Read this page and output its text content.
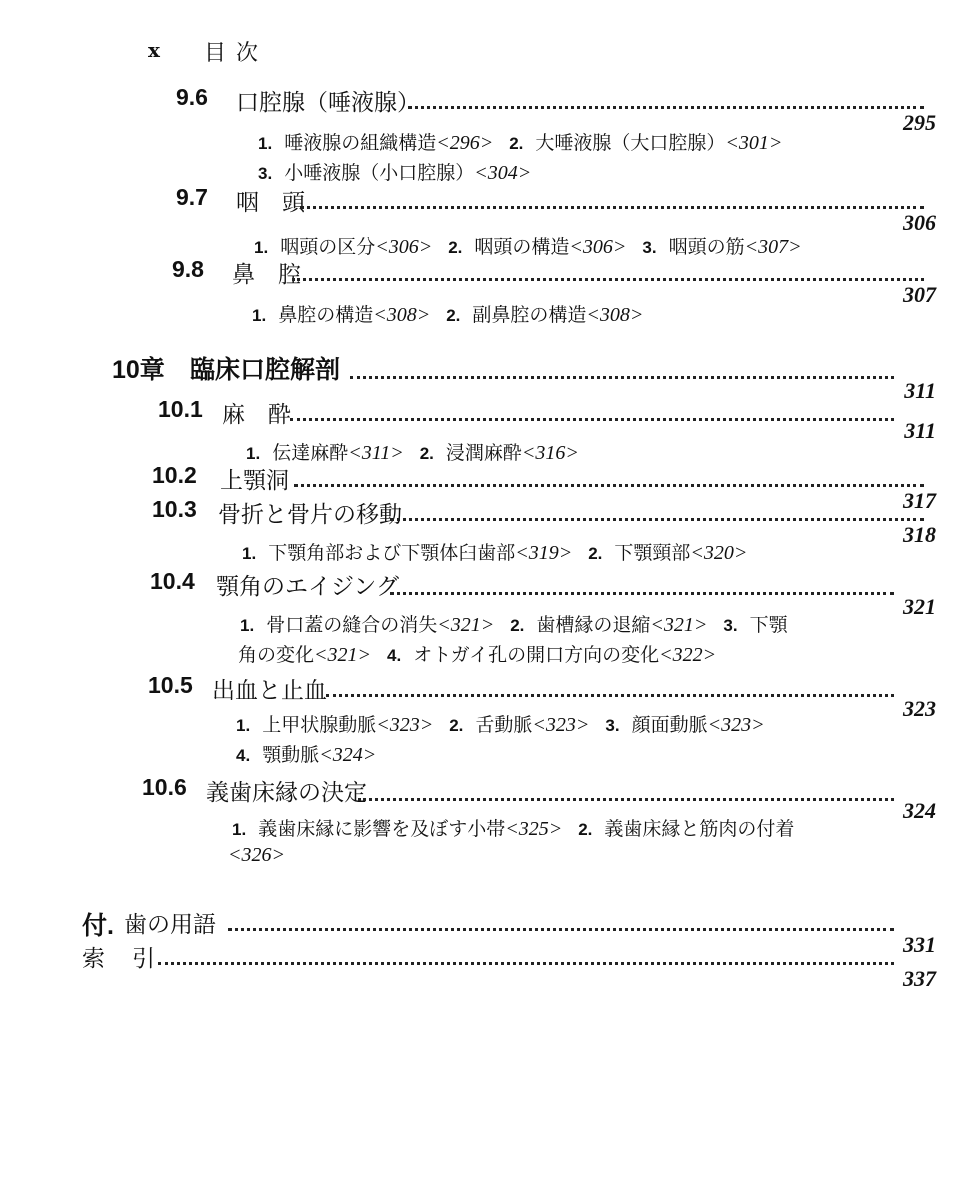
x 目次
9.6 口腔腺（唾液腺）
295
1. 唾液腺の組織構造<296> 2. 大唾液腺（大口腔腺）<301>
3. 小唾液腺（小口腔腺）<304>
9.7 咽　頭
306
1. 咽頭の区分<306> 2. 咽頭の構造<306> 3. 咽頭の筋<307>
9.8 鼻　腔
307
1. 鼻腔の構造<308> 2. 副鼻腔の構造<308>
10章 臨床口腔解剖
311
10.1 麻　酔
311
1. 伝達麻酔<311> 2. 浸潤麻酔<316>
10.2 上顎洞
317
10.3 骨折と骨片の移動
318
1. 下顎角部および下顎体臼歯部<319> 2. 下顎頸部<320>
10.4 顎角のエイジング
321
1. 骨口蓋の縫合の消失<321> 2. 歯槽縁の退縮<321> 3. 下顎
角の変化<321> 4. オトガイ孔の開口方向の変化<322>
10.5 出血と止血
323
1. 上甲状腺動脈<323> 2. 舌動脈<323> 3. 顔面動脈<323>
4. 顎動脈<324>
10.6 義歯床縁の決定
324
1. 義歯床縁に影響を及ぼす小帯<325> 2. 義歯床縁と筋肉の付着
<326>
付. 歯の用語
331
索　引
337
